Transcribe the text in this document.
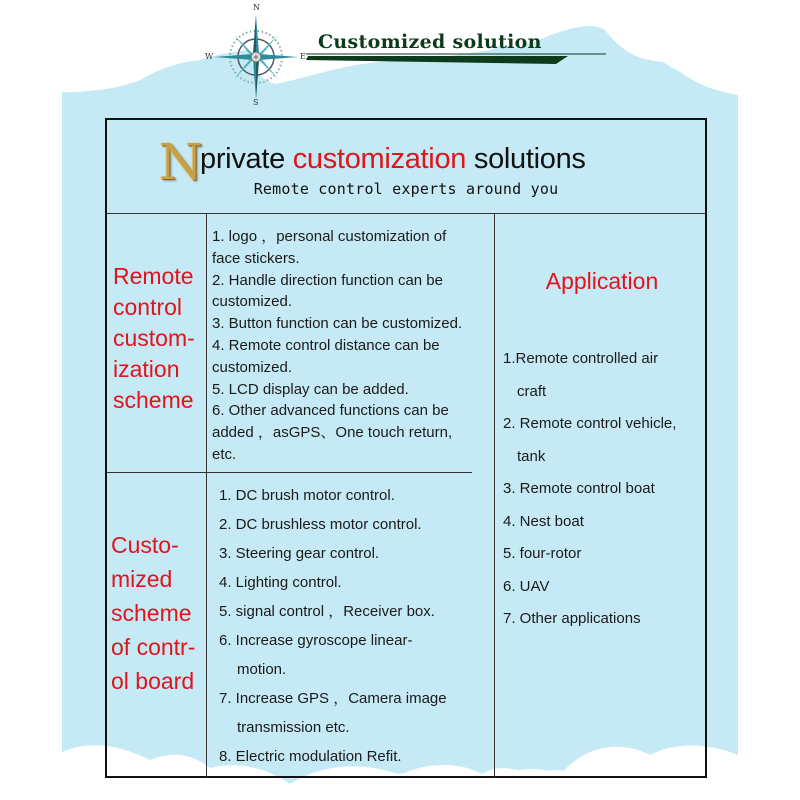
N
S
W	E
Customized solution
N
private customization solutions
Remote control experts around you
Remote
control
custom-
ization
scheme
1. logo ，personal customization of
face stickers.
2. Handle direction function can be
customized.
3. Button function can be customized.
4. Remote control distance can be
customized.
5. LCD display can be added.
6. Other advanced functions can be
added ，asGPS、One touch return,
etc.
Custo-
mized
scheme
of contr-
ol board
1. DC brush motor control.
2. DC brushless motor control.
3. Steering gear control.
4. Lighting control.
5. signal control ，Receiver box.
6. Increase gyroscope linear-
motion.
7. Increase GPS ，Camera image
transmission etc.
8. Electric modulation Refit.
Application
1.Remote controlled air
craft
2. Remote control vehicle,
tank
3. Remote control boat
4. Nest boat
5. four-rotor
6. UAV
7. Other applications
